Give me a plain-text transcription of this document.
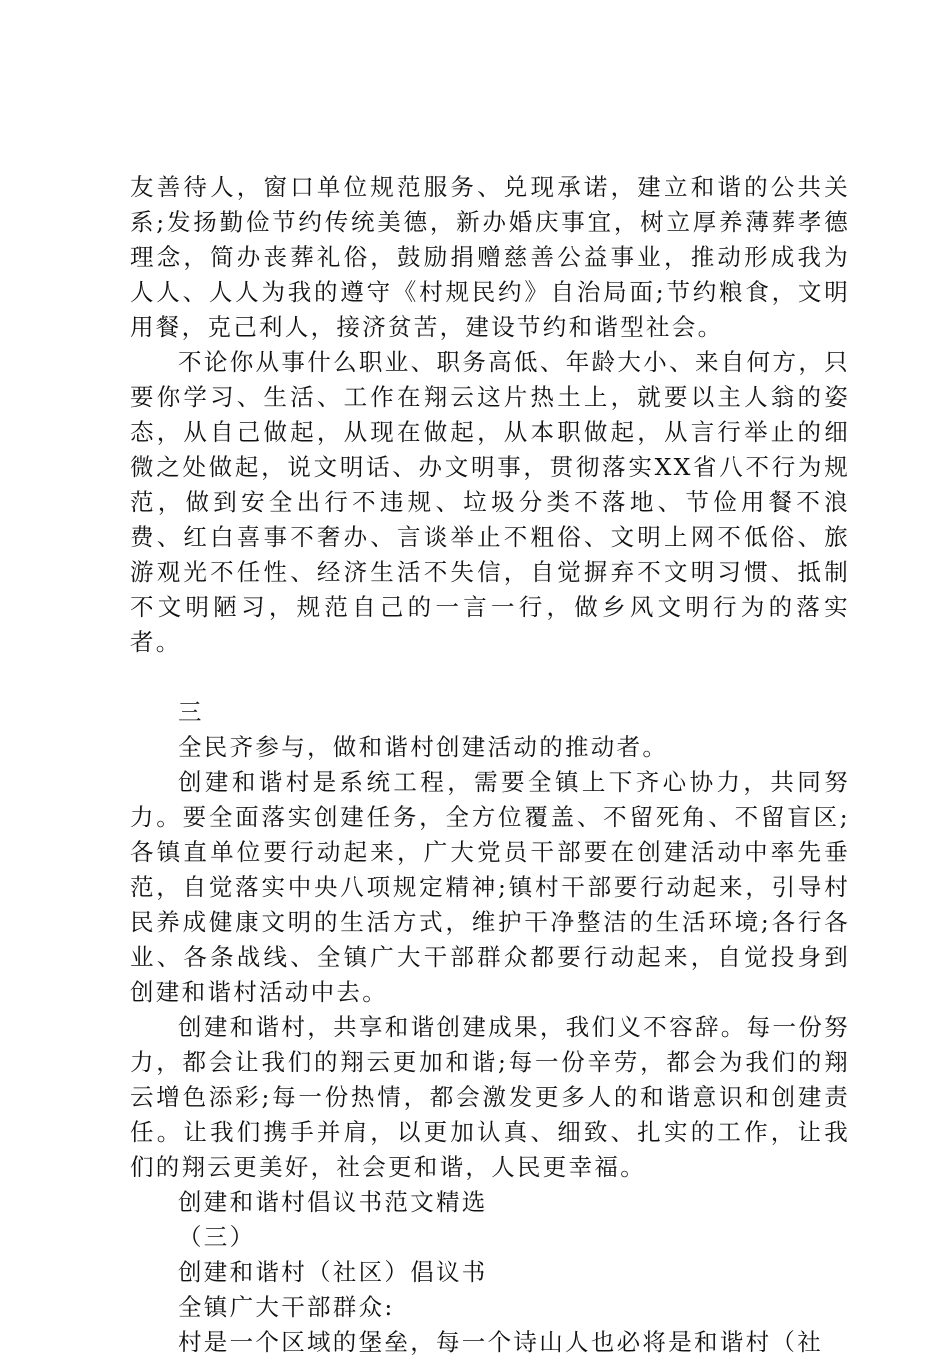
友善待人，窗口单位规范服务、兑现承诺，建立和谐的公共关系;发扬勤俭节约传统美德，新办婚庆事宜，树立厚养薄葬孝德理念，简办丧葬礼俗，鼓励捐赠慈善公益事业，推动形成我为人人、人人为我的遵守《村规民约》自治局面;节约粮食，文明用餐，克己利人，接济贫苦，建设节约和谐型社会。

不论你从事什么职业、职务高低、年龄大小、来自何方，只要你学习、生活、工作在翔云这片热土上，就要以主人翁的姿态，从自己做起，从现在做起，从本职做起，从言行举止的细微之处做起，说文明话、办文明事，贯彻落实XX省八不行为规范，做到安全出行不违规、垃圾分类不落地、节俭用餐不浪费、红白喜事不奢办、言谈举止不粗俗、文明上网不低俗、旅游观光不任性、经济生活不失信，自觉摒弃不文明习惯、抵制不文明陋习，规范自己的一言一行，做乡风文明行为的落实者。

三

全民齐参与，做和谐村创建活动的推动者。

创建和谐村是系统工程，需要全镇上下齐心协力，共同努力。要全面落实创建任务，全方位覆盖、不留死角、不留盲区;各镇直单位要行动起来，广大党员干部要在创建活动中率先垂范，自觉落实中央八项规定精神;镇村干部要行动起来，引导村民养成健康文明的生活方式，维护干净整洁的生活环境;各行各业、各条战线、全镇广大干部群众都要行动起来，自觉投身到创建和谐村活动中去。

创建和谐村，共享和谐创建成果，我们义不容辞。每一份努力，都会让我们的翔云更加和谐;每一份辛劳，都会为我们的翔云增色添彩;每一份热情，都会激发更多人的和谐意识和创建责任。让我们携手并肩，以更加认真、细致、扎实的工作，让我们的翔云更美好，社会更和谐，人民更幸福。

创建和谐村倡议书范文精选

（三）

创建和谐村（社区）倡议书

全镇广大干部群众:

村是一个区域的堡垒，每一个诗山人也必将是和谐村（社
